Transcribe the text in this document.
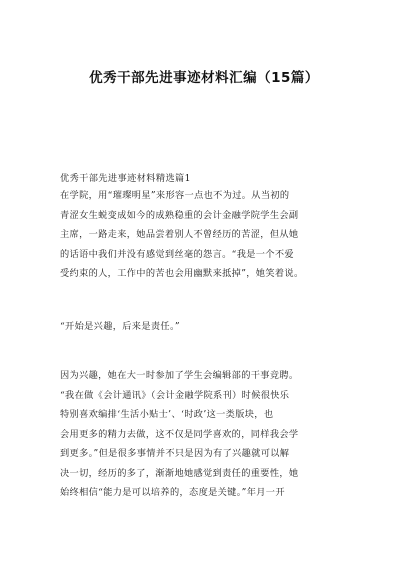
优秀干部先进事迹材料汇编（15篇）

优秀干部先进事迹材料精选篇1

在学院，用“璀璨明星”来形容一点也不为过。从当初的
青涩女生蜕变成如今的成熟稳重的会计金融学院学生会副
主席，一路走来，她品尝着别人不曾经历的苦涩，但从她
的话语中我们并没有感觉到丝毫的怨言。“我是一个不爱
受约束的人，工作中的苦也会用幽默来抵掉”，她笑着说。

“开始是兴趣，后来是责任。”

因为兴趣，她在大一时参加了学生会编辑部的干事竞聘。
“我在做《会计通讯》（会计金融学院系刊）时候很快乐
特别喜欢编排‘生活小贴士’、‘时政’这一类版块，也
会用更多的精力去做，这不仅是同学喜欢的，同样我会学
到更多。”但是很多事情并不只是因为有了兴趣就可以解
决一切，经历的多了，渐渐地她感觉到责任的重要性，她
始终相信“能力是可以培养的，态度是关键。”年月一开
